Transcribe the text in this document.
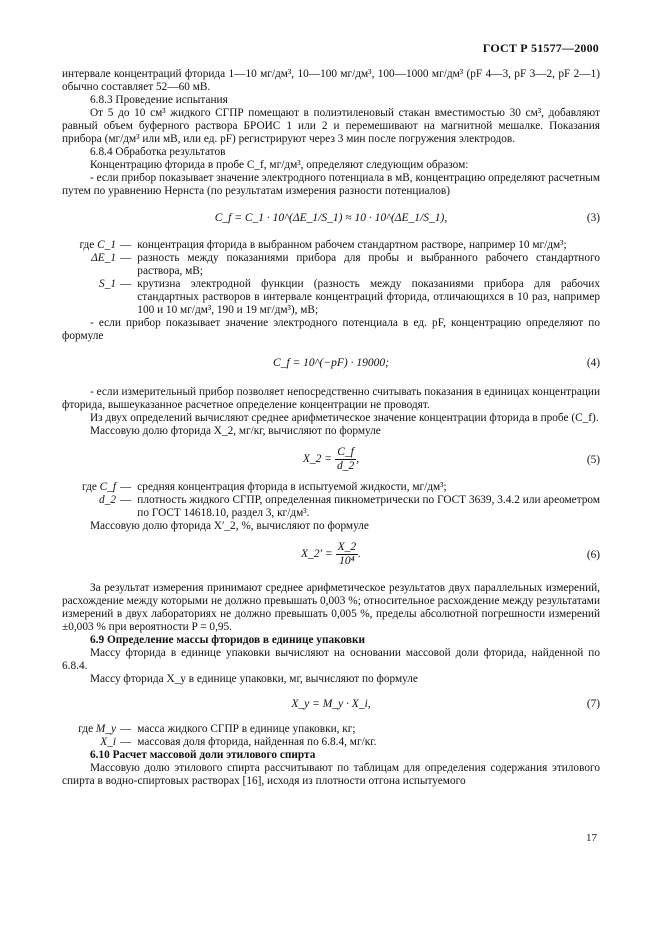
ГОСТ Р 51577—2000

интервале концентраций фторида 1—10 мг/дм³, 10—100 мг/дм³, 100—1000 мг/дм³ (pF 4—3, pF 3—2, pF 2—1) обычно составляет 52—60 мВ.

6.8.3 Проведение испытания

От 5 до 10 см³ жидкого СГПР помещают в полиэтиленовый стакан вместимостью 30 см³, добавляют равный объем буферного раствора БРОИС 1 или 2 и перемешивают на магнитной мешалке. Показания прибора (мг/дм³ или мВ, или ед. pF) регистрируют через 3 мин после погружения электродов.

6.8.4 Обработка результатов

Концентрацию фторида в пробе C_f, мг/дм³, определяют следующим образом:

- если прибор показывает значение электродного потенциала в мВ, концентрацию определяют расчетным путем по уравнению Нернста (по результатам измерения разности потенциалов)

C_f = C_1 · 10^(ΔE_1/S_1) ≈ 10 · 10^(ΔE_1/S_1),	(3)
где C_1	—	концентрация фторида в выбранном рабочем стандартном растворе, например 10 мг/дм³;
ΔE_1	—	разность между показаниями прибора для пробы и выбранного рабочего стандартного раствора, мВ;
S_1	—	крутизна электродной функции (разность между показаниями прибора для рабочих стандартных растворов в интервале концентраций фторида, отличающихся в 10 раз, например 100 и 10 мг/дм³, 190 и 19 мг/дм³), мВ;

- если прибор показывает значение электродного потенциала в ед. pF, концентрацию определяют по формуле

C_f = 10^(−pF) · 19000;	(4)

- если измерительный прибор позволяет непосредственно считывать показания в единицах концентрации фторида, вышеуказанное расчетное определение концентрации не проводят.

Из двух определений вычисляют среднее арифметическое значение концентрации фторида в пробе (C_f).

Массовую долю фторида X_2, мг/кг, вычисляют по формуле

X_2 = $\frac{C\_f}{d\_2}$ ,	(5)
где C_f	—	средняя концентрация фторида в испытуемой жидкости, мг/дм³;
d_2	—	плотность жидкого СГПР, определенная пикнометрически по ГОСТ 3639, 3.4.2 или ареометром по ГОСТ 14618.10, раздел 3, кг/дм³.

Массовую долю фторида X′_2, %, вычисляют по формуле

X_2′ = $\frac{X\_2}{\text{10⁴}}$ .	(6)

За результат измерения принимают среднее арифметическое результатов двух параллельных измерений, расхождение между которыми не должно превышать 0,003 %; относительное расхождение между результатами измерений в двух лабораториях не должно превышать 0,005 %, пределы абсолютной погрешности измерений ±0,003 % при вероятности P = 0,95.

6.9 Определение массы фторидов в единице упаковки

Массу фторида в единице упаковки вычисляют на основании массовой доли фторида, найденной по 6.8.4.

Массу фторида X_y в единице упаковки, мг, вычисляют по формуле

X_y = M_y · X_i,	(7)
где M_y	—	масса жидкого СГПР в единице упаковки, кг;
X_i	—	массовая доля фторида, найденная по 6.8.4, мг/кг.

6.10 Расчет массовой доли этилового спирта

Массовую долю этилового спирта рассчитывают по таблицам для определения содержания этилового спирта в водно-спиртовых растворах [16], исходя из плотности отгона испытуемого

17
